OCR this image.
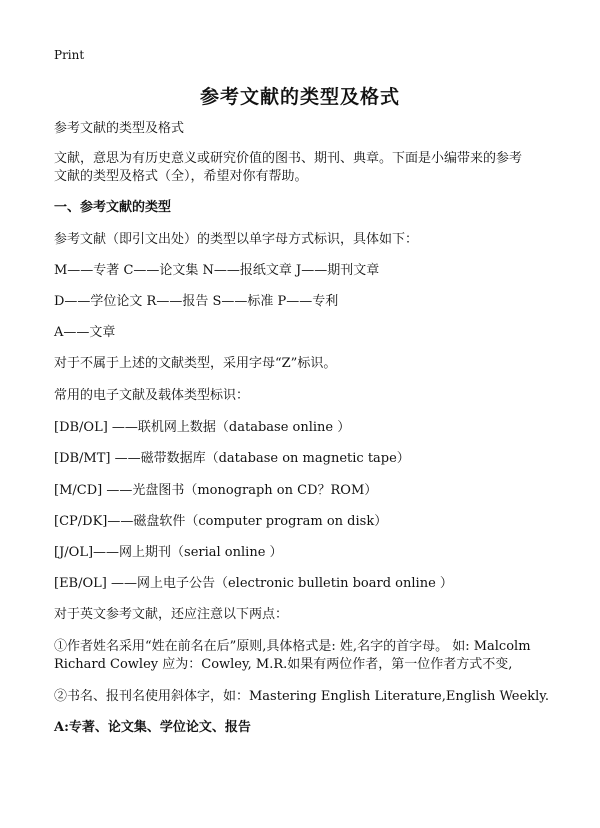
Print
参考文献的类型及格式
参考文献的类型及格式
文献，意思为有历史意义或研究价值的图书、期刊、典章。下面是小编带来的参考
文献的类型及格式（全），希望对你有帮助。
一、参考文献的类型
参考文献（即引文出处）的类型以单字母方式标识，具体如下：
M——专著 C——论文集 N——报纸文章 J——期刊文章
D——学位论文 R——报告 S——标准 P——专利
A——文章
对于不属于上述的文献类型，采用字母“Z”标识。
常用的电子文献及载体类型标识：
[DB/OL] ——联机网上数据（database online ）
[DB/MT] ——磁带数据库（database on magnetic tape）
[M/CD] ——光盘图书（monograph on CD？ROM）
[CP/DK]——磁盘软件（computer program on disk）
[J/OL]——网上期刊（serial online ）
[EB/OL] ——网上电子公告（electronic bulletin board online ）
对于英文参考文献，还应注意以下两点：
①作者姓名采用“姓在前名在后”原则,具体格式是: 姓,名字的首字母。 如: Malcolm
Richard Cowley 应为：Cowley, M.R.如果有两位作者，第一位作者方式不变,
②书名、报刊名使用斜体字，如：Mastering English Literature,English Weekly.
A:专著、论文集、学位论文、报告
